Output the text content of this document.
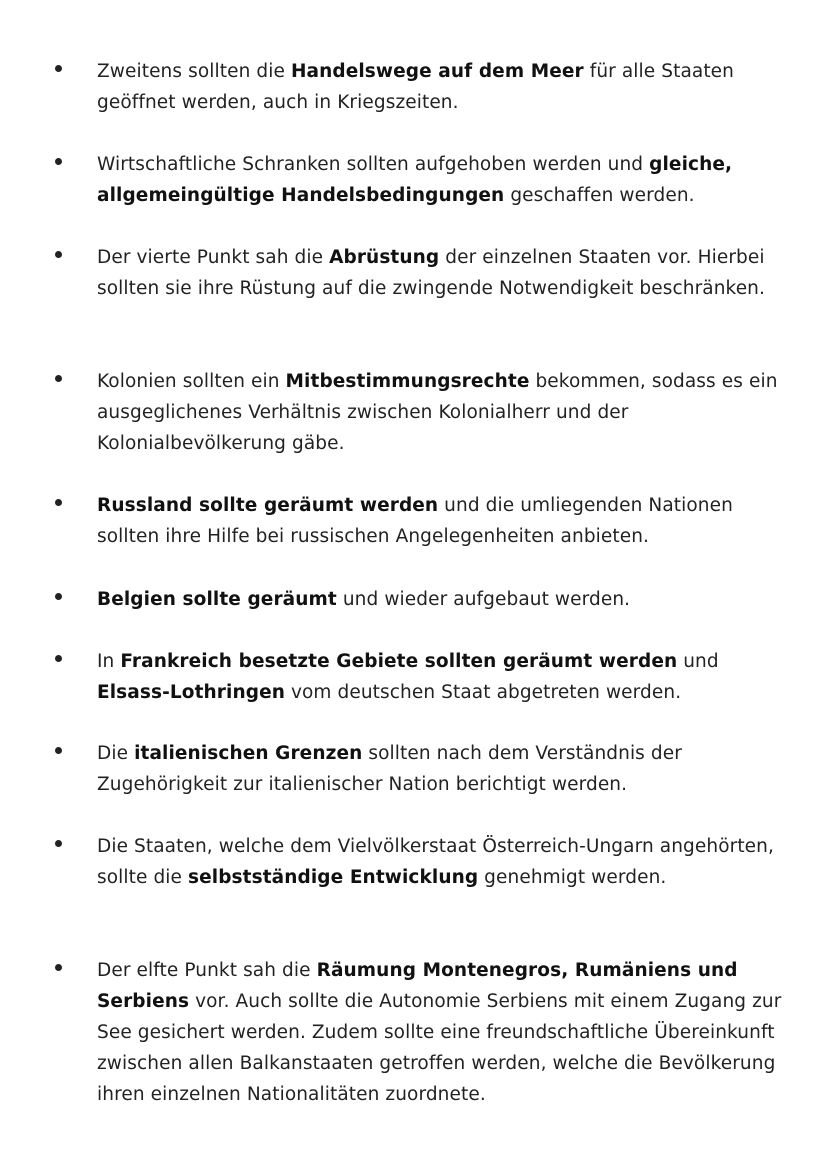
Zweitens sollten die Handelswege auf dem Meer für alle Staaten geöffnet werden, auch in Kriegszeiten.

Wirtschaftliche Schranken sollten aufgehoben werden und gleiche, allgemeingültige Handelsbedingungen geschaffen werden.

Der vierte Punkt sah die Abrüstung der einzelnen Staaten vor. Hierbei sollten sie ihre Rüstung auf die zwingende Notwendigkeit beschränken.

Kolonien sollten ein Mitbestimmungsrechte bekommen, sodass es ein ausgeglichenes Verhältnis zwischen Kolonialherr und der Kolonialbevölkerung gäbe.

Russland sollte geräumt werden und die umliegenden Nationen sollten ihre Hilfe bei russischen Angelegenheiten anbieten.

Belgien sollte geräumt und wieder aufgebaut werden.

In Frankreich besetzte Gebiete sollten geräumt werden und Elsass-Lothringen vom deutschen Staat abgetreten werden.

Die italienischen Grenzen sollten nach dem Verständnis der Zugehörigkeit zur italienischer Nation berichtigt werden.

Die Staaten, welche dem Vielvölkerstaat Österreich-Ungarn angehörten, sollte die selbstständige Entwicklung genehmigt werden.

Der elfte Punkt sah die Räumung Montenegros, Rumäniens und Serbiens vor. Auch sollte die Autonomie Serbiens mit einem Zugang zur See gesichert werden. Zudem sollte eine freundschaftliche Übereinkunft zwischen allen Balkanstaaten getroffen werden, welche die Bevölkerung ihren einzelnen Nationalitäten zuordnete.
